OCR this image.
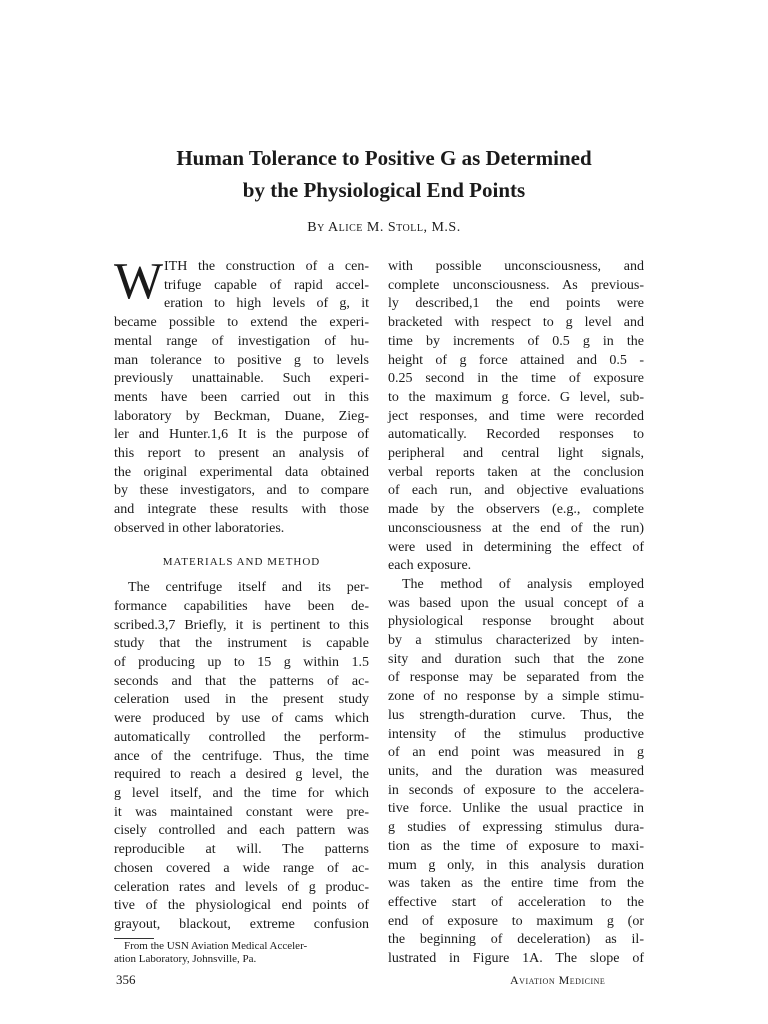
Human Tolerance to Positive G as Determined
by the Physiological End Points
By Alice M. Stoll, M.S.
W ITH the construction of a cen-
trifuge capable of rapid accel-
eration to high levels of g, it
became possible to extend the experi-
mental range of investigation of hu-
man tolerance to positive g to levels
previously unattainable. Such experi-
ments have been carried out in this
laboratory by Beckman, Duane, Zieg-
ler and Hunter.1,6 It is the purpose of
this report to present an analysis of
the original experimental data obtained
by these investigators, and to compare
and integrate these results with those
observed in other laboratories.
MATERIALS AND METHOD
The centrifuge itself and its per-
formance capabilities have been de-
scribed.3,7 Briefly, it is pertinent to this
study that the instrument is capable
of producing up to 15 g within 1.5
seconds and that the patterns of ac-
celeration used in the present study
were produced by use of cams which
automatically controlled the perform-
ance of the centrifuge. Thus, the time
required to reach a desired g level, the
g level itself, and the time for which
it was maintained constant were pre-
cisely controlled and each pattern was
reproducible at will. The patterns
chosen covered a wide range of ac-
celeration rates and levels of g produc-
tive of the physiological end points of
grayout, blackout, extreme confusion
with possible unconsciousness, and
complete unconsciousness. As previous-
ly described,1 the end points were
bracketed with respect to g level and
time by increments of 0.5 g in the
height of g force attained and 0.5 -
0.25 second in the time of exposure
to the maximum g force. G level, sub-
ject responses, and time were recorded
automatically. Recorded responses to
peripheral and central light signals,
verbal reports taken at the conclusion
of each run, and objective evaluations
made by the observers (e.g., complete
unconsciousness at the end of the run)
were used in determining the effect of
each exposure.
The method of analysis employed
was based upon the usual concept of a
physiological response brought about
by a stimulus characterized by inten-
sity and duration such that the zone
of response may be separated from the
zone of no response by a simple stimu-
lus strength-duration curve. Thus, the
intensity of the stimulus productive
of an end point was measured in g
units, and the duration was measured
in seconds of exposure to the accelera-
tive force. Unlike the usual practice in
g studies of expressing stimulus dura-
tion as the time of exposure to maxi-
mum g only, in this analysis duration
was taken as the entire time from the
effective start of acceleration to the
end of exposure to maximum g (or
the beginning of deceleration) as il-
lustrated in Figure 1A. The slope of
From the USN Aviation Medical Acceler-
ation Laboratory, Johnsville, Pa.
356	Aviation Medicine
